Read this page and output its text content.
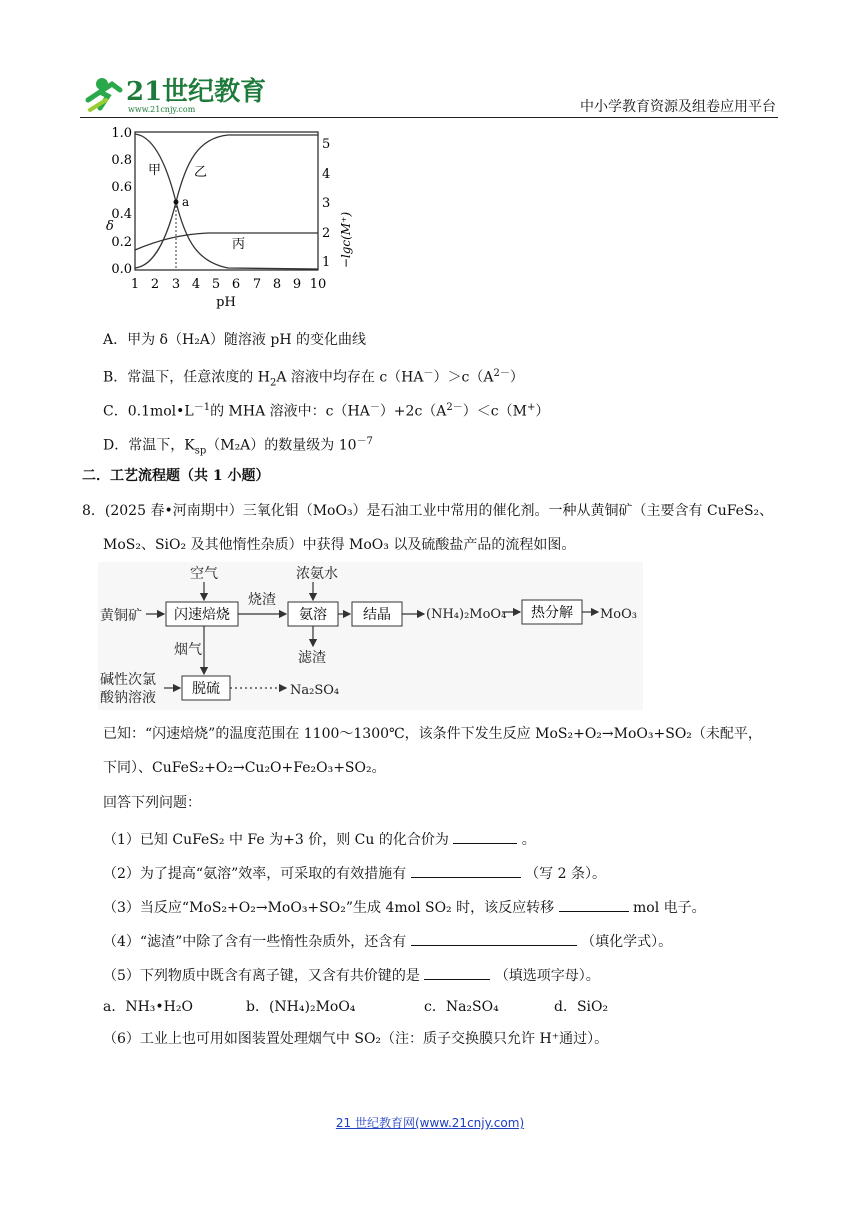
21世纪教育
www.21cnjy.com	中小学教育资源及组卷应用平台
δ	−lgc(M⁺)
1.0
0.8
0.6
0.4
0.2
0.0
5
4
3
2
1
1 2 3 4 5 6 7 8 9 10
pH
a
甲	乙
丙
A．甲为 δ（H₂A）随溶液 pH 的变化曲线
B．常温下，任意浓度的 $H_2A$ 溶液中均存在 $c(HA^-)>c(A^{2-})$
C．$0.1mol•L^{-1}$的 MHA 溶液中：$c(HA^-)+2c(A^{2-})<c(M^+)$
D．常温下，$K_{sp}(M_2A)$的数量级为 $10^{-7}$
二．工艺流程题（共 1 小题）
8．(2025 春•河南期中）三氧化钼（MoO₃）是石油工业中常用的催化剂。一种从黄铜矿（主要含有 CuFeS₂、
MoS₂、SiO₂ 及其他惰性杂质）中获得 MoO₃ 以及硫酸盐产品的流程如图。
黄铜矿
空气
烧渣
浓氨水
(NH₄)₂MoO₄	MoO₃
烟气	滤渣
碱性次氯
酸钠溶液	Na₂SO₄
闪速焙烧	氨溶	结晶	热分解
脱硫
已知：“闪速焙烧”的温度范围在 1100～1300℃，该条件下发生反应 MoS₂+O₂→MoO₃+SO₂（未配平，
下同）、CuFeS₂+O₂→Cu₂O+Fe₂O₃+SO₂。
回答下列问题：
（1）已知 CuFeS₂ 中 Fe 为+3 价，则 Cu 的化合价为	。
（2）为了提高“氨溶”效率，可采取的有效措施有	（写 2 条）。
（3）当反应“MoS₂+O₂→MoO₃+SO₂”生成 4mol SO₂ 时，该反应转移	mol 电子。
（4）“滤渣”中除了含有一些惰性杂质外，还含有	（填化学式）。
（5）下列物质中既含有离子键，又含有共价键的是	（填选项字母）。
a．NH₃•H₂O	b．(NH₄)₂MoO₄	c．Na₂SO₄	d．SiO₂
（6）工业上也可用如图装置处理烟气中 SO₂（注：质子交换膜只允许 H⁺通过）。
21 世纪教育网(www.21cnjy.com)
